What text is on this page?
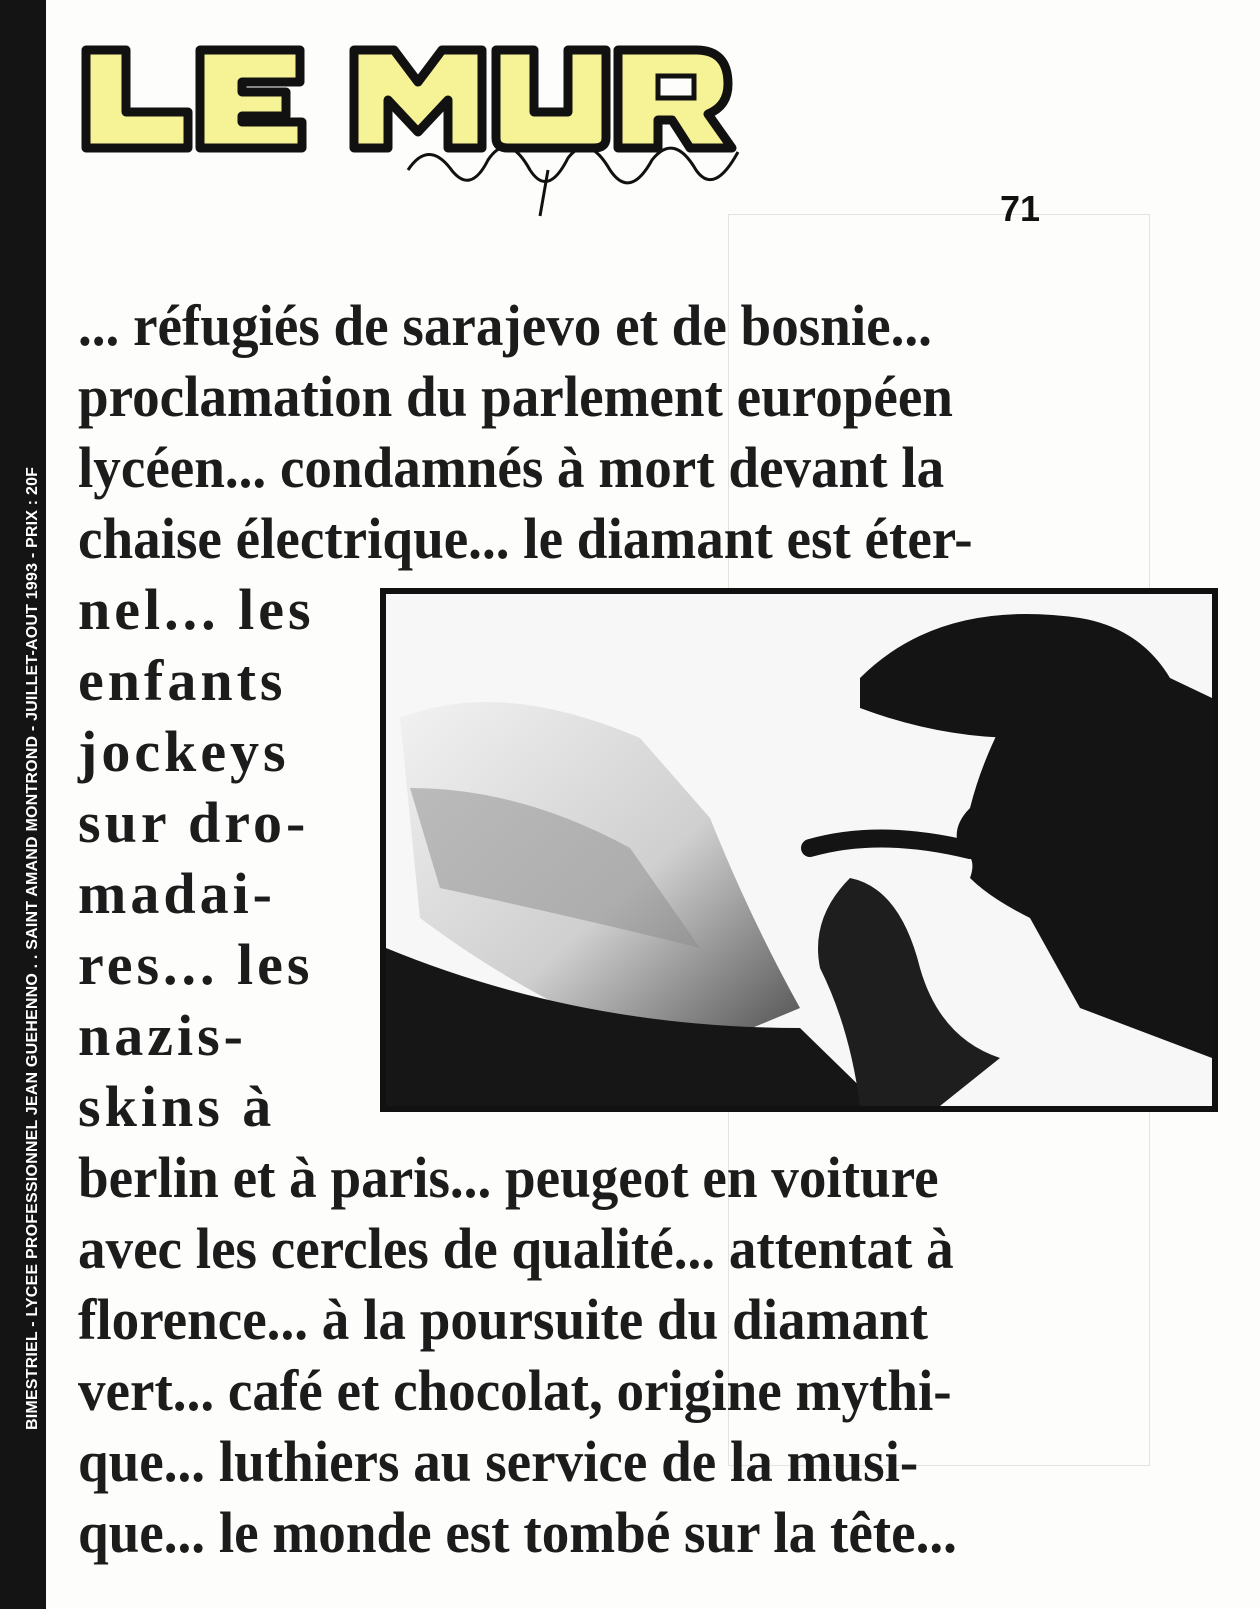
BIMESTRIEL - LYCEE PROFESSIONNEL JEAN GUEHENNO . . SAINT AMAND MONTROND - JUILLET-AOUT 1993 - PRIX : 20F
71
... réfugiés de sarajevo et de bosnie...
proclamation du parlement européen
lycéen... condamnés à mort devant la
chaise électrique... le diamant est éter-
nel... les
enfants
jockeys
sur dro-
madai-
res... les
nazis-
skins à
berlin et à paris... peugeot en voiture
avec les cercles de qualité... attentat à
florence... à la poursuite du diamant
vert... café et chocolat, origine mythi-
que... luthiers au service de la musi-
que... le monde est tombé sur la tête...
